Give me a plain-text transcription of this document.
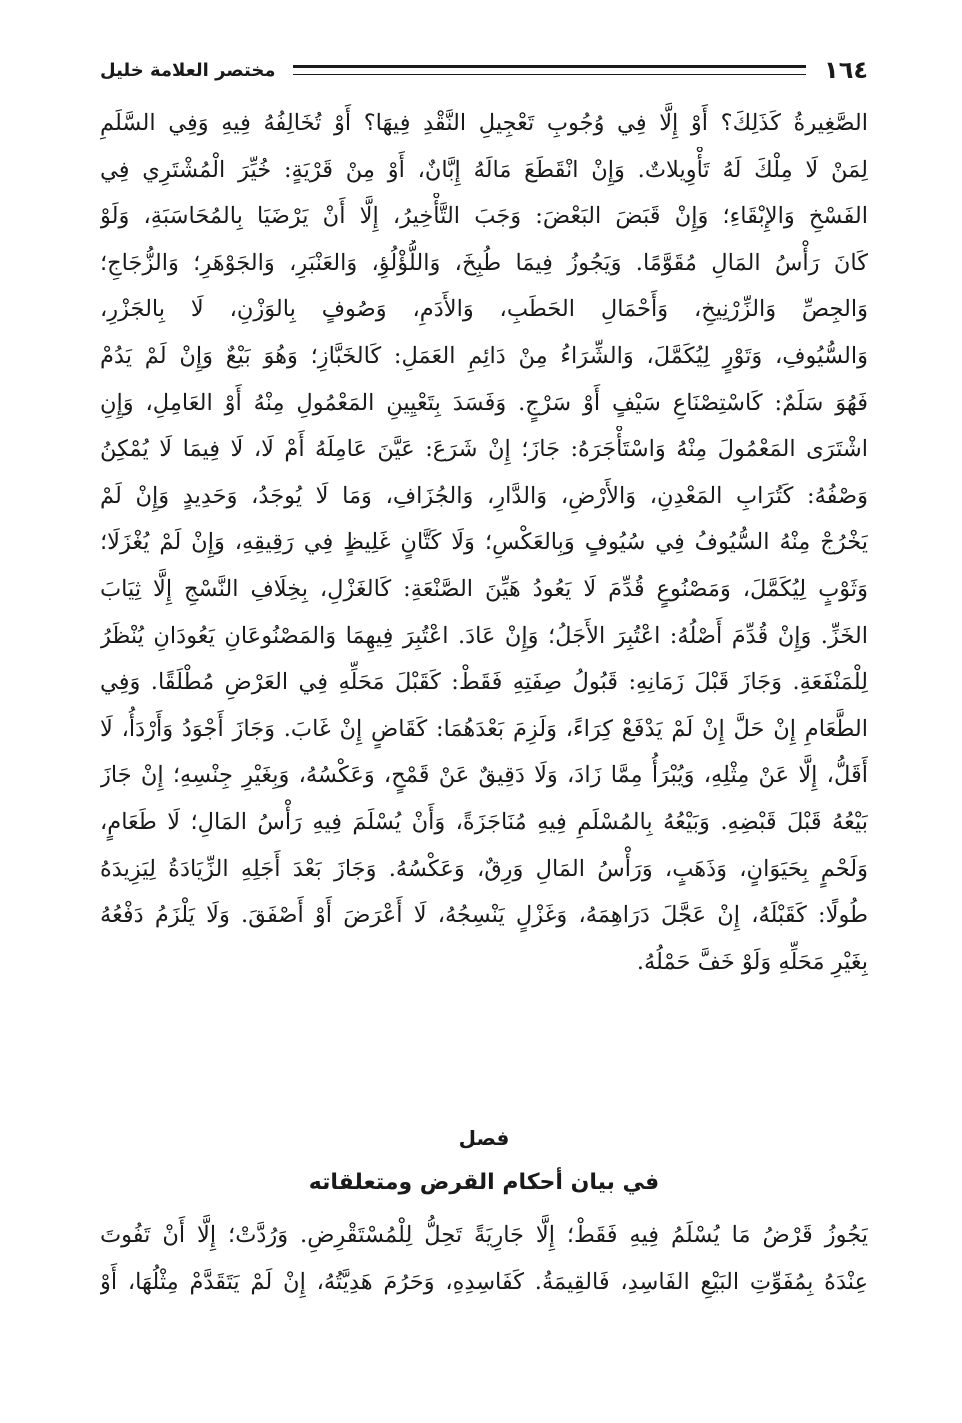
١٦٤
مختصر العلامة خليل
الصَّغِيرةُ كَذَلِكَ؟ أَوْ إِلَّا فِي وُجُوبِ تَعْجِيلِ النَّقْدِ فِيهَا؟ أَوْ تُخَالِفُهُ فِيهِ وَفِي السَّلَمِ
لِمَنْ لَا مِلْكَ لَهُ تَأْوِيلاتٌ. وَإِنْ انْقَطَعَ مَالَهُ إِبَّانٌ، أَوْ مِنْ قَرْيَةٍ: خُيِّرَ الْمُشْتَرِي فِي
الفَسْخِ وَالإِبْقَاءِ؛ وَإِنْ قَبَضَ البَعْضَ: وَجَبَ التَّأْخِيرُ، إِلَّا أَنْ يَرْضَيَا بِالمُحَاسَبَةِ، وَلَوْ
كَانَ رَأْسُ المَالِ مُقَوَّمًا. وَيَجُوزُ فِيمَا طُبِخَ، وَاللُّؤْلُؤِ، وَالعَنْبَرِ، وَالجَوْهَرِ؛ وَالزُّجَاجِ؛
وَالجِصِّ وَالزِّرْنِيخِ، وَأَحْمَالِ الحَطَبِ، وَالأَدَمِ، وَصُوفٍ بِالوَزْنِ، لَا بِالجَزْرِ،
وَالسُّيُوفِ، وَتَوْرٍ لِيُكَمَّلَ، وَالشِّرَاءُ مِنْ دَائِمِ العَمَلِ: كَالخَبَّازِ؛ وَهُوَ بَيْعٌ وَإِنْ لَمْ يَدُمْ
فَهُوَ سَلَمٌ: كَاسْتِصْنَاعِ سَيْفٍ أَوْ سَرْجٍ. وَفَسَدَ بِتَعْيِينِ المَعْمُولِ مِنْهُ أَوْ العَامِلِ، وَإِنِ
اشْتَرَى المَعْمُولَ مِنْهُ وَاسْتَأْجَرَهُ: جَازَ؛ إِنْ شَرَعَ: عَيَّنَ عَامِلَهُ أَمْ لَا، لَا فِيمَا لَا يُمْكِنُ
وَصْفُهُ: كَتُرَابِ المَعْدِنِ، وَالأَرْضِ، وَالدَّارِ، وَالجُزَافِ، وَمَا لَا يُوجَدُ، وَحَدِيدٍ وَإِنْ لَمْ
يَخْرُجْ مِنْهُ السُّيُوفُ فِي سُيُوفٍ وَبِالعَكْسِ؛ وَلَا كَتَّانٍ غَلِيظٍ فِي رَقِيقِهِ، وَإِنْ لَمْ يُغْزَلَا؛
وَثَوْبٍ لِيُكَمَّلَ، وَمَصْنُوعٍ قُدِّمَ لَا يَعُودُ هَيِّنَ الصَّنْعَةِ: كَالغَزْلِ، بِخِلَافِ النَّسْجِ إِلَّا ثِيَابَ
الخَزِّ. وَإِنْ قُدِّمَ أَصْلُهُ: اعْتُبِرَ الأَجَلُ؛ وَإِنْ عَادَ. اعْتُبِرَ فِيهِمَا وَالمَصْنُوعَانِ يَعُودَانِ يُنْظَرُ
لِلْمَنْفَعَةِ. وَجَازَ قَبْلَ زَمَانِهِ: قَبُولُ صِفَتِهِ فَقَطْ: كَقَبْلَ مَحَلِّهِ فِي العَرْضِ مُطْلَقًا. وَفِي
الطَّعَامِ إِنْ حَلَّ إِنْ لَمْ يَدْفَعْ كِرَاءً، وَلَزِمَ بَعْدَهُمَا: كَقَاضٍ إِنْ غَابَ. وَجَازَ أَجْوَدُ وَأَرْدَأُ، لَا
أَقَلُّ، إِلَّا عَنْ مِثْلِهِ، وَيُبْرَأُ مِمَّا زَادَ، وَلَا دَقِيقٌ عَنْ قَمْحٍ، وَعَكْسُهُ، وَبِغَيْرِ جِنْسِهِ؛ إِنْ جَازَ
بَيْعُهُ قَبْلَ قَبْضِهِ. وَبَيْعُهُ بِالمُسْلَمِ فِيهِ مُنَاجَزَةً، وَأَنْ يُسْلَمَ فِيهِ رَأْسُ المَالِ؛ لَا طَعَامٍ،
وَلَحْمٍ بِحَيَوَانٍ، وَذَهَبٍ، وَرَأْسُ المَالِ وَرِقٌ، وَعَكْسُهُ. وَجَازَ بَعْدَ أَجَلِهِ الزِّيَادَةُ لِيَزِيدَهُ
طُولًا: كَقَبْلَهُ، إِنْ عَجَّلَ دَرَاهِمَهُ، وَغَزْلٍ يَنْسِجُهُ، لَا أَعْرَضَ أَوْ أَصْفَقَ. وَلَا يَلْزَمُ دَفْعُهُ
بِغَيْرِ مَحَلِّهِ وَلَوْ خَفَّ حَمْلُهُ.
فصل
في بيان أحكام القرض ومتعلقاته
يَجُوزُ قَرْضُ مَا يُسْلَمُ فِيهِ فَقَطْ؛ إِلَّا جَارِيَةً تَحِلُّ لِلْمُسْتَقْرِضِ. وَرُدَّتْ؛ إِلَّا أَنْ تَفُوتَ
عِنْدَهُ بِمُفَوِّتِ البَيْعِ الفَاسِدِ، فَالقِيمَةُ. كَفَاسِدِهِ، وَحَرُمَ هَدِيَّتُهُ، إِنْ لَمْ يَتَقَدَّمْ مِثْلُهَا، أَوْ
